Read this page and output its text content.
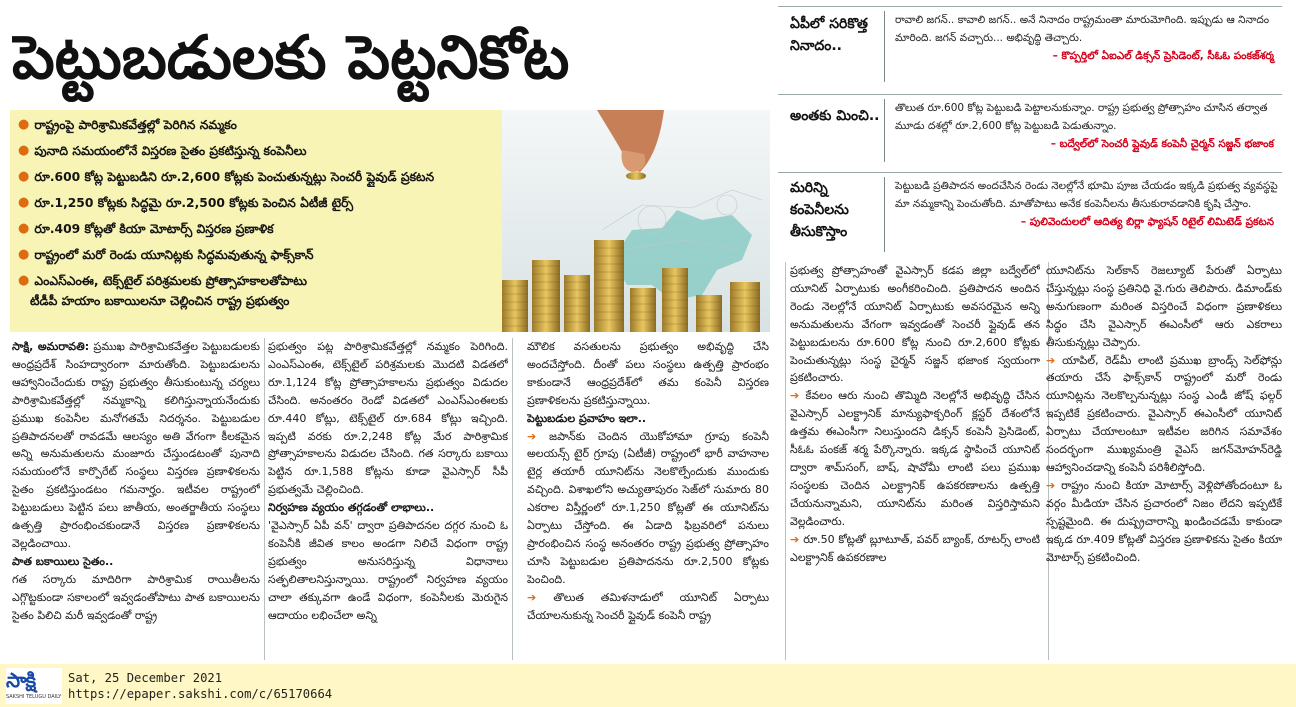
పెట్టుబడులకు పెట్టనికోట
● రాష్ట్రంపై పారిశ్రామికవేత్తల్లో పెరిగిన నమ్మకం
● పునాది సమయంలోనే విస్తరణ సైతం ప్రకటిస్తున్న కంపెనీలు
● రూ.600 కోట్ల పెట్టుబడిని రూ.2,600 కోట్లకు పెంచుతున్నట్లు సెంచరీ ప్లైవుడ్ ప్రకటన
● రూ.1,250 కోట్లకు సిద్ధమై రూ.2,500 కోట్లకు పెంచిన ఏటీజీ టైర్స్
● రూ.409 కోట్లతో కియా మోటార్స్ విస్తరణ ప్రణాళిక
● రాష్ట్రంలో మరో రెండు యూనిట్లకు సిద్ధమవుతున్న ఫాక్స్‌కాన్
● ఎంఎస్ఎంఈ, టెక్స్‌టైల్ పరిశ్రమలకు ప్రోత్సాహకాలతోపాటు
టీడీపీ హయాం బకాయిలనూ చెల్లించిన రాష్ట్ర ప్రభుత్వం
ఏపీలో సరికొత్త నినాదం..
రావాలి జగన్.. కావాలి జగన్.. అనే నినాదం రాష్ట్రమంతా మారుమోగింది. ఇప్పుడు ఆ నినాదం మారింది. జగన్ వచ్చారు... అభివృద్ధి తెచ్చారు.
– కొప్పర్తిలో ఏఐఎల్ డిక్సన్ ప్రెసిడెంట్, సీఓఓ పంకజ్‌శర్మ
అంతకు మించి..	తొలుత రూ.600 కోట్ల పెట్టుబడి పెట్టాలనుకున్నాం. రాష్ట్ర ప్రభుత్వ ప్రోత్సాహం చూసిన తర్వాత మూడు దశల్లో రూ.2,600 కోట్ల పెట్టుబడి పెడుతున్నాం.
– బద్వేల్‌లో సెంచరీ ప్లైవుడ్ కంపెనీ చైర్మన్ సజ్జన్ భజాంక
మరిన్ని కంపెనీలను తీసుకొస్తాం
పెట్టుబడి ప్రతిపాదన అందచేసిన రెండు నెలల్లోనే భూమి పూజ చేయడం ఇక్కడి ప్రభుత్వ వ్యవస్థపై మా నమ్మకాన్ని పెంచుతోంది. మాతోపాటు అనేక కంపెనీలను తీసుకురావడానికి కృషి చేస్తాం.
– పులివెందులలో ఆదిత్య బిర్లా ఫ్యాషన్ రిటైల్ లిమిటెడ్ ప్రకటన

సాక్షి, అమరావతి: ప్రముఖ పారిశ్రామికవేత్తల పెట్టుబడులకు ఆంధ్రప్రదేశ్ సింహద్వారంగా మారుతోంది. పెట్టుబడులను ఆహ్వానించేందుకు రాష్ట్ర ప్రభుత్వం తీసుకుంటున్న చర్యలు పారిశ్రామికవేత్తల్లో నమ్మకాన్ని కలిగిస్తున్నాయనేందుకు ప్రముఖ కంపెనీల మనోగతమే నిదర్శనం. పెట్టుబడుల ప్రతిపాదనలతో రావడమే ఆలస్యం అతి వేగంగా కీలకమైన అన్ని అనుమతులను మంజూరు చేస్తుండటంతో పునాది సమయంలోనే కార్పొరేట్ సంస్థలు విస్తరణ ప్రణాళికలను సైతం ప్రకటిస్తుండటం గమనార్హం. ఇటీవల రాష్ట్రంలో పెట్టుబడులు పెట్టిన పలు జాతీయ, అంతర్జాతీయ సంస్థలు ఉత్పత్తి ప్రారంభించకుండానే విస్తరణ ప్రణాళికలను వెల్లడించాయి.

పాత బకాయిలు సైతం..

గత సర్కారు మాదిరిగా పారిశ్రామిక రాయితీలను ఎగ్గొట్టకుండా సకాలంలో ఇవ్వడంతోపాటు పాత బకాయిలను సైతం పిలిచి మరీ ఇవ్వడంతో రాష్ట్ర

ప్రభుత్వం పట్ల పారిశ్రామికవేత్తల్లో నమ్మకం పెరిగింది. ఎంఎస్ఎంఈ, టెక్స్‌టైల్ పరిశ్రమలకు మొదటి విడతలో రూ.1,124 కోట్ల ప్రోత్సాహకాలను ప్రభుత్వం విడుదల చేసింది. అనంతరం రెండో విడతలో ఎంఎస్ఎంఈలకు రూ.440 కోట్లు, టెక్స్‌టైల్ రూ.684 కోట్లు ఇచ్చింది. ఇప్పటి వరకు రూ.2,248 కోట్ల మేర పారిశ్రామిక ప్రోత్సాహకాలను విడుదల చేసింది. గత సర్కారు బకాయి పెట్టిన రూ.1,588 కోట్లను కూడా వైఎస్సార్ సీపీ ప్రభుత్వమే చెల్లించింది.

నిర్వహణ వ్యయం తగ్గడంతో లాభాలు..

'వైఎస్సార్ ఏపీ వన్' ద్వారా ప్రతిపాదనల దగ్గర నుంచి ఓ కంపెనీకి జీవిత కాలం అండగా నిలిచే విధంగా రాష్ట్ర ప్రభుత్వం అనుసరిస్తున్న విధానాలు సత్ఫలితాలనిస్తున్నాయి. రాష్ట్రంలో నిర్వహణ వ్యయం చాలా తక్కువగా ఉండే విధంగా, కంపెనీలకు మెరుగైన ఆదాయం లభించేలా అన్ని

మౌలిక వసతులను ప్రభుత్వం అభివృద్ధి చేసి అందచేస్తోంది. దీంతో పలు సంస్థలు ఉత్పత్తి ప్రారంభం కాకుండానే ఆంధ్రప్రదేశ్‌లో తమ కంపెనీ విస్తరణ ప్రణాళికలను ప్రకటిస్తున్నాయి.

పెట్టుబడుల ప్రవాహం ఇలా..

➔ జపాన్‌కు చెందిన యొకోహామా గ్రూపు కంపెనీ అలయన్స్ టైర్ గ్రూపు (ఏటీజీ) రాష్ట్రంలో భారీ వాహనాల టైర్ల తయారీ యూనిట్‌ను నెలకొల్పేందుకు ముందుకు వచ్చింది. విశాఖలోని అచ్యుతాపురం సెజ్‌లో సుమారు 80 ఎకరాల విస్తీర్ణంలో రూ.1,250 కోట్లతో ఈ యూనిట్‌ను ఏర్పాటు చేస్తోంది. ఈ ఏడాది ఫిబ్రవరిలో పనులు ప్రారంభించిన సంస్థ అనంతరం రాష్ట్ర ప్రభుత్వ ప్రోత్సాహం చూసి పెట్టుబడుల ప్రతిపాదనను రూ.2,500 కోట్లకు పెంచింది.

➔ తొలుత తమిళనాడులో యూనిట్ ఏర్పాటు చేయాలనుకున్న సెంచరీ ప్లైవుడ్ కంపెనీ రాష్ట్ర

ప్రభుత్వ ప్రోత్సాహంతో వైఎస్సార్ కడప జిల్లా బద్వేల్‌లో యూనిట్ ఏర్పాటుకు అంగీకరించింది. ప్రతిపాదన అందిన రెండు నెలల్లోనే యూనిట్ ఏర్పాటుకు అవసరమైన అన్ని అనుమతులను వేగంగా ఇవ్వడంతో సెంచరీ ప్లైవుడ్ తన పెట్టుబడులను రూ.600 కోట్ల నుంచి రూ.2,600 కోట్లకు పెంచుతున్నట్లు సంస్థ చైర్మన్ సజ్జన్ భజాంక స్వయంగా ప్రకటించారు.

➔ కేవలం ఆరు నుంచి తొమ్మిది నెలల్లోనే అభివృద్ధి చేసిన వైఎస్సార్ ఎలక్ట్రానిక్ మాన్యుఫాక్చరింగ్ క్లస్టర్ దేశంలోనే ఉత్తమ ఈఎంసీగా నిలుస్తుందని డిక్సన్ కంపెనీ ప్రెసిడెంట్, సీఓఓ పంకజ్ శర్మ పేర్కొన్నారు. ఇక్కడ స్థాపించే యూనిట్ ద్వారా శామ్‌సంగ్, బాష్, షావోమీ లాంటి పలు ప్రముఖ సంస్థలకు చెందిన ఎలక్ట్రానిక్ ఉపకరణాలను ఉత్పత్తి చేయనున్నామని, యూనిట్‌ను మరింత విస్తరిస్తామని వెల్లడించారు.

➔ రూ.50 కోట్లతో బ్లూటూత్, పవర్ బ్యాంక్, రూటర్స్ లాంటి ఎలక్ట్రానిక్ ఉపకరణాల

యూనిట్‌ను సెల్‌కాన్ రెజల్యూట్ పేరుతో ఏర్పాటు చేస్తున్నట్లు సంస్థ ప్రతినిధి వై.గురు తెలిపారు. డిమాండ్‌కు అనుగుణంగా మరింత విస్తరించే విధంగా ప్రణాళికలు సిద్ధం చేసి వైఎస్సార్ ఈఎంసీలో ఆరు ఎకరాలు తీసుకున్నట్లు చెప్పారు.

➔ యాపిల్, రెడ్‌మీ లాంటి ప్రముఖ బ్రాండ్స్ సెల్‌ఫోన్లు తయారు చేసే ఫాక్స్‌కాన్ రాష్ట్రంలో మరో రెండు యూనిట్లను నెలకొల్పనున్నట్లు సంస్థ ఎండీ జోష్ ఫల్గర్ ఇప్పటికే ప్రకటించారు. వైఎస్సార్ ఈఎంసీలో యూనిట్ ఏర్పాటు చేయాలంటూ ఇటీవల జరిగిన సమావేశం సందర్భంగా ముఖ్యమంత్రి వైఎస్ జగన్‌మోహన్‌రెడ్డి ఆహ్వానించడాన్ని కంపెనీ పరిశీలిస్తోంది.

➔ రాష్ట్రం నుంచి కియా మోటార్స్ వెళ్లిపోతోందంటూ ఓ వర్గం మీడియా చేసిన ప్రచారంలో నిజం లేదని ఇప్పటికే స్పష్టమైంది. ఈ దుష్ప్రచారాన్ని ఖండించడమే కాకుండా ఇక్కడ రూ.409 కోట్లతో విస్తరణ ప్రణాళికను సైతం కియా మోటార్స్ ప్రకటించింది.

సాక్షి
SAKSHI TELUGU DAILY
Sat, 25 December 2021
https://epaper.sakshi.com/c/65170664
